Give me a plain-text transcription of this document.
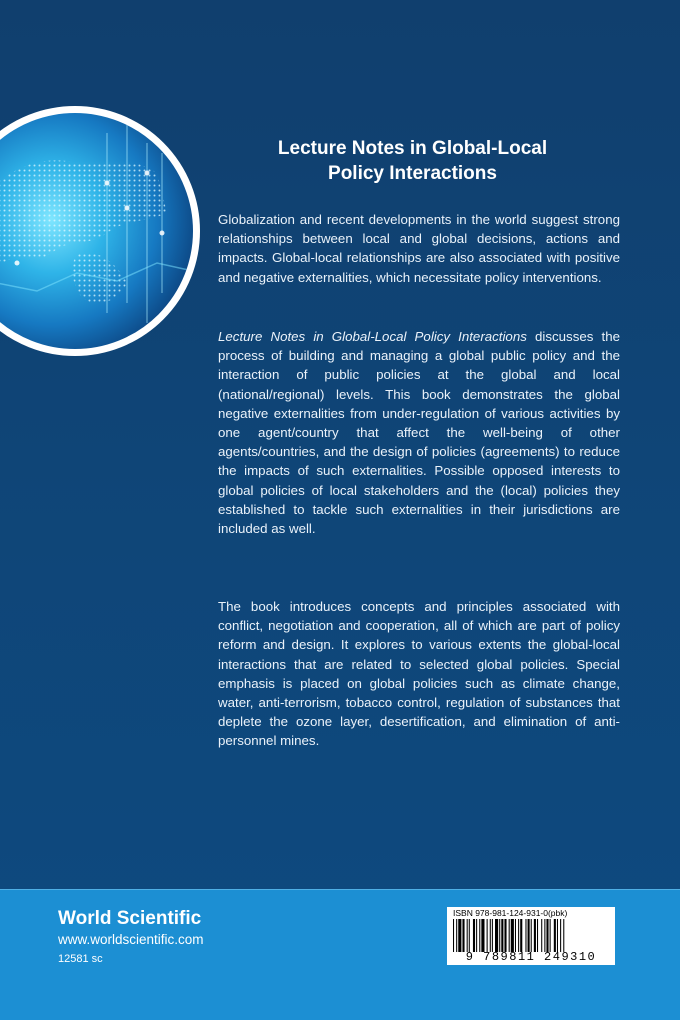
Lecture Notes in Global-Local
Policy Interactions

Globalization and recent developments in the world suggest strong relationships between local and global decisions, actions and impacts. Global-local relationships are also associated with positive and negative externalities, which necessitate policy interventions.

Lecture Notes in Global-Local Policy Interactions discusses the process of building and managing a global public policy and the interaction of public policies at the global and local (national/regional) levels. This book demonstrates the global negative externalities from under-regulation of various activities by one agent/country that affect the well-being of other agents/countries, and the design of policies (agreements) to reduce the impacts of such externalities. Possible opposed interests to global policies of local stakeholders and the (local) policies they established to tackle such externalities in their jurisdictions are included as well.

The book introduces concepts and principles associated with conflict, negotiation and cooperation, all of which are part of policy reform and design. It explores to various extents the global-local interactions that are related to selected global policies. Special emphasis is placed on global policies such as climate change, water, anti-terrorism, tobacco control, regulation of substances that deplete the ozone layer, desertification, and elimination of anti-personnel mines.

World Scientific
www.worldscientific.com
12581 sc
ISBN 978-981-124-931-0(pbk)
9 789811 249310
